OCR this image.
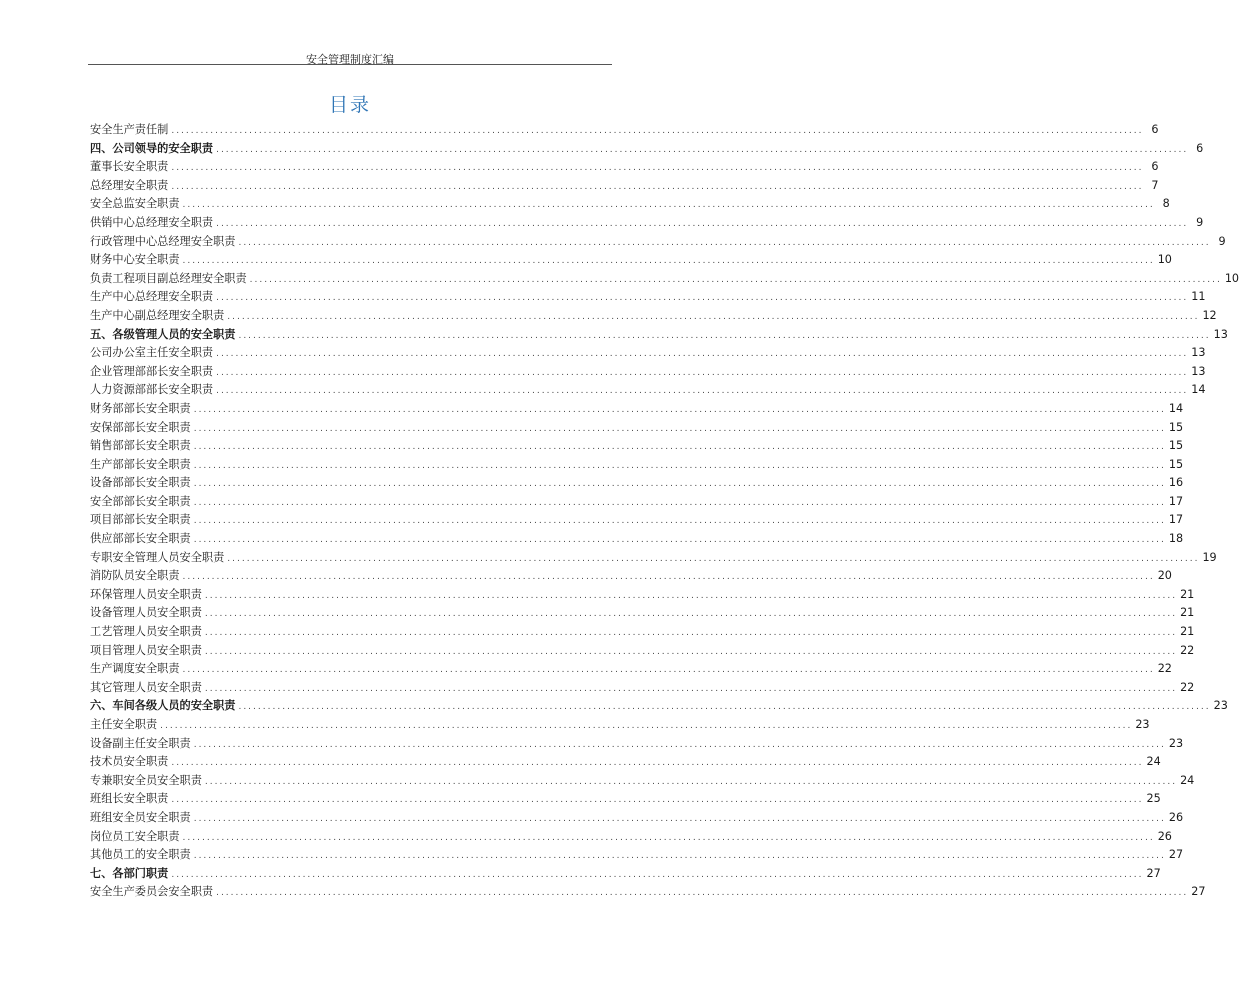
安全管理制度汇编
目录
安全生产责任制 ........................................................................................................................................................................................................ 6
四、公司领导的安全职责 ........................................................................................................................................................................................................ 6
董事长安全职责 ........................................................................................................................................................................................................ 6
总经理安全职责 ........................................................................................................................................................................................................ 7
安全总监安全职责 ........................................................................................................................................................................................................ 8
供销中心总经理安全职责 ........................................................................................................................................................................................................ 9
行政管理中心总经理安全职责 ........................................................................................................................................................................................................ 9
财务中心安全职责 ........................................................................................................................................................................................................ 10
负责工程项目副总经理安全职责 ........................................................................................................................................................................................................ 10
生产中心总经理安全职责 ........................................................................................................................................................................................................ 11
生产中心副总经理安全职责 ........................................................................................................................................................................................................ 12
五、各级管理人员的安全职责 ........................................................................................................................................................................................................ 13
公司办公室主任安全职责 ........................................................................................................................................................................................................ 13
企业管理部部长安全职责 ........................................................................................................................................................................................................ 13
人力资源部部长安全职责 ........................................................................................................................................................................................................ 14
财务部部长安全职责 ........................................................................................................................................................................................................ 14
安保部部长安全职责 ........................................................................................................................................................................................................ 15
销售部部长安全职责 ........................................................................................................................................................................................................ 15
生产部部长安全职责 ........................................................................................................................................................................................................ 15
设备部部长安全职责 ........................................................................................................................................................................................................ 16
安全部部长安全职责 ........................................................................................................................................................................................................ 17
项目部部长安全职责 ........................................................................................................................................................................................................ 17
供应部部长安全职责 ........................................................................................................................................................................................................ 18
专职安全管理人员安全职责 ........................................................................................................................................................................................................ 19
消防队员安全职责 ........................................................................................................................................................................................................ 20
环保管理人员安全职责 ........................................................................................................................................................................................................ 21
设备管理人员安全职责 ........................................................................................................................................................................................................ 21
工艺管理人员安全职责 ........................................................................................................................................................................................................ 21
项目管理人员安全职责 ........................................................................................................................................................................................................ 22
生产调度安全职责 ........................................................................................................................................................................................................ 22
其它管理人员安全职责 ........................................................................................................................................................................................................ 22
六、车间各级人员的安全职责 ........................................................................................................................................................................................................ 23
主任安全职责 ........................................................................................................................................................................................................ 23
设备副主任安全职责 ........................................................................................................................................................................................................ 23
技术员安全职责 ........................................................................................................................................................................................................ 24
专兼职安全员安全职责 ........................................................................................................................................................................................................ 24
班组长安全职责 ........................................................................................................................................................................................................ 25
班组安全员安全职责 ........................................................................................................................................................................................................ 26
岗位员工安全职责 ........................................................................................................................................................................................................ 26
其他员工的安全职责 ........................................................................................................................................................................................................ 27
七、各部门职责 ........................................................................................................................................................................................................ 27
安全生产委员会安全职责 ........................................................................................................................................................................................................ 27
